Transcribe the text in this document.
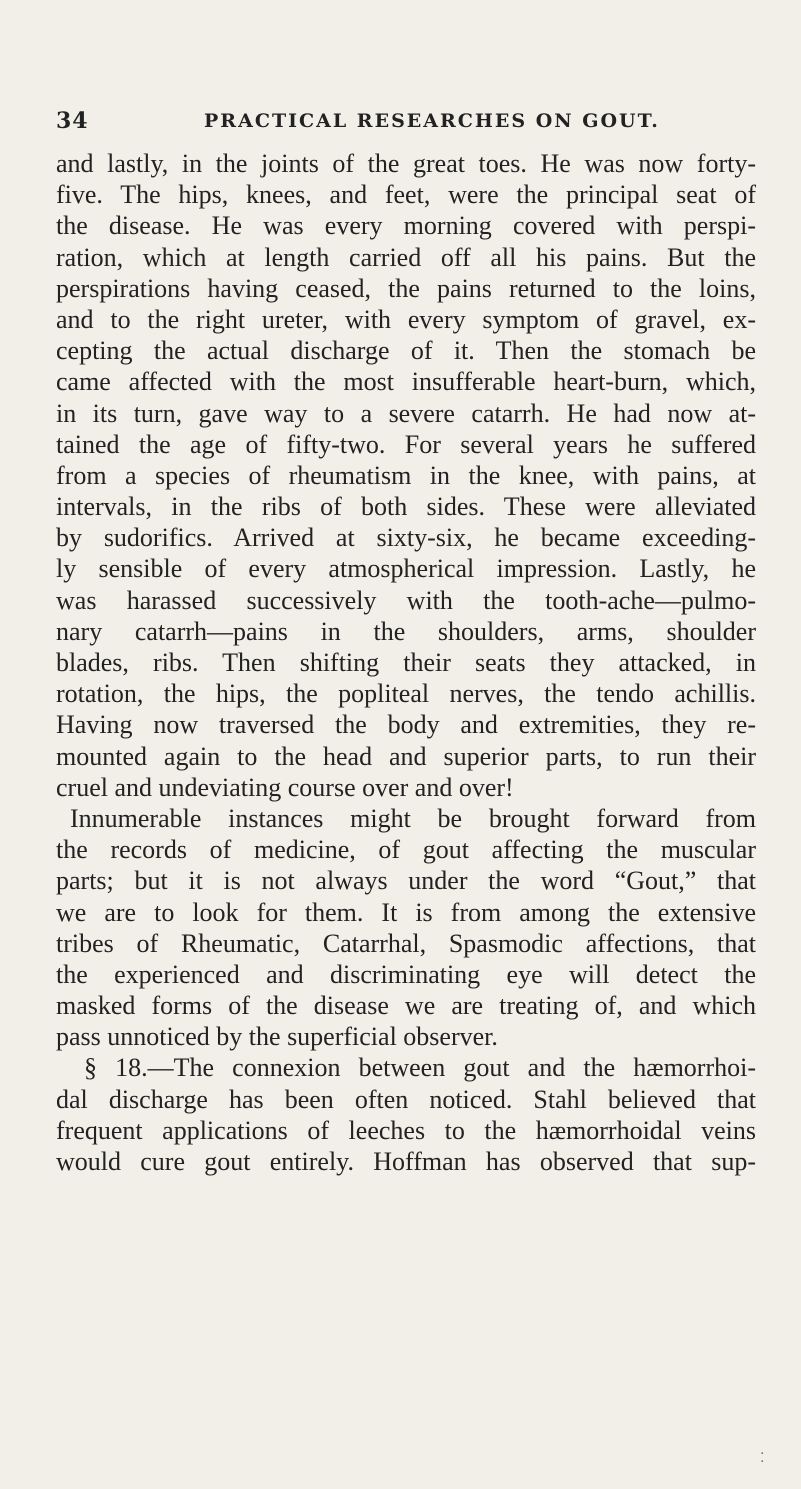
34	PRACTICAL RESEARCHES ON GOUT.
and lastly, in the joints of the great toes. He was now forty-
five. The hips, knees, and feet, were the principal seat of
the disease. He was every morning covered with perspi-
ration, which at length carried off all his pains. But the
perspirations having ceased, the pains returned to the loins,
and to the right ureter, with every symptom of gravel, ex-
cepting the actual discharge of it. Then the stomach be
came affected with the most insufferable heart-burn, which,
in its turn, gave way to a severe catarrh. He had now at-
tained the age of fifty-two. For several years he suffered
from a species of rheumatism in the knee, with pains, at
intervals, in the ribs of both sides. These were alleviated
by sudorifics. Arrived at sixty-six, he became exceeding-
ly sensible of every atmospherical impression. Lastly, he
was harassed successively with the tooth-ache—pulmo-
nary catarrh—pains in the shoulders, arms, shoulder
blades, ribs. Then shifting their seats they attacked, in
rotation, the hips, the popliteal nerves, the tendo achillis.
Having now traversed the body and extremities, they re-
mounted again to the head and superior parts, to run their
cruel and undeviating course over and over!
Innumerable instances might be brought forward from
the records of medicine, of gout affecting the muscular
parts; but it is not always under the word “Gout,” that
we are to look for them. It is from among the extensive
tribes of Rheumatic, Catarrhal, Spasmodic affections, that
the experienced and discriminating eye will detect the
masked forms of the disease we are treating of, and which
pass unnoticed by the superficial observer.
§ 18.—The connexion between gout and the hæmorrhoi-
dal discharge has been often noticed. Stahl believed that
frequent applications of leeches to the hæmorrhoidal veins
would cure gout entirely. Hoffman has observed that sup-
· ·
